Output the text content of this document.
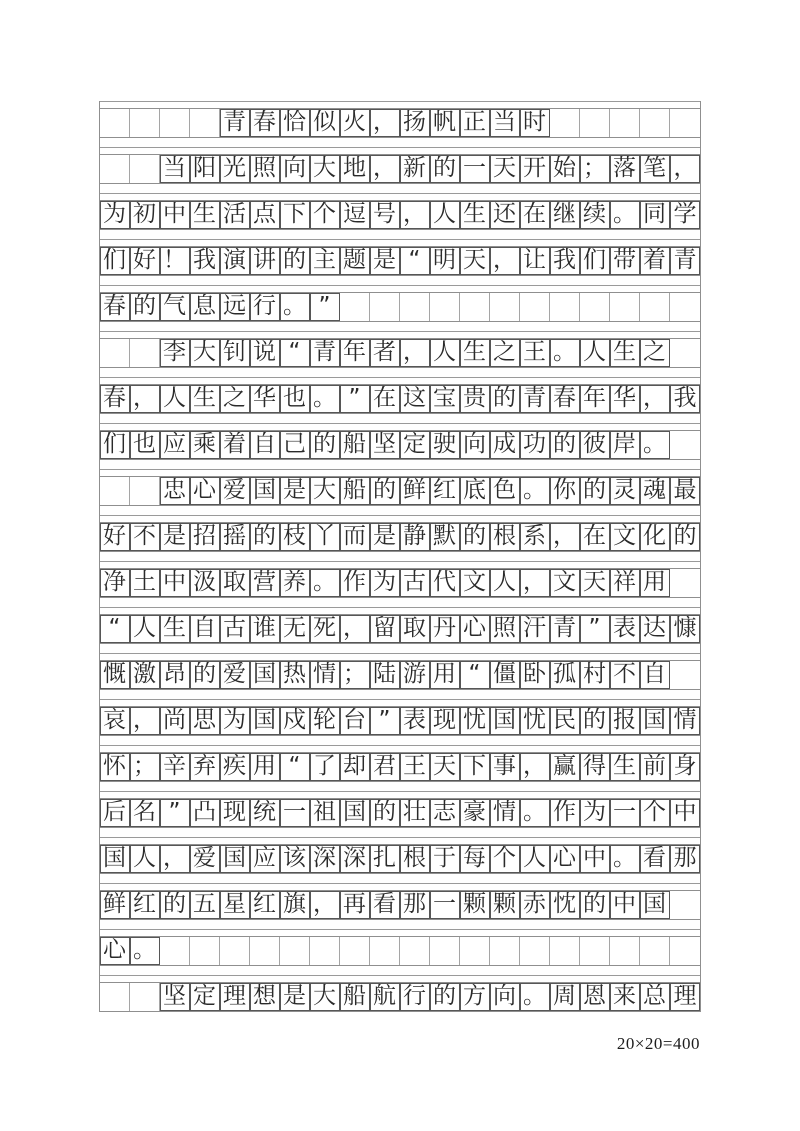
青 春 恰 似 火 ， 扬 帆 正 当 时
当 阳 光 照 向 大 地 ， 新 的 一 天 开 始 ； 落 笔 ，
为 初 中 生 活 点 下 个 逗 号 ， 人 生 还 在 继 续 。 同 学
们 好 ！ 我 演 讲 的 主 题 是 “ 明 天 ， 让 我 们 带 着 青
春 的 气 息 远 行 。 ”
李 大 钊 说 “ 青 年 者 ， 人 生 之 王 。 人 生 之
春 ， 人 生 之 华 也 。 ” 在 这 宝 贵 的 青 春 年 华 ， 我
们 也 应 乘 着 自 己 的 船 坚 定 驶 向 成 功 的 彼 岸 。
忠 心 爱 国 是 大 船 的 鲜 红 底 色 。 你 的 灵 魂 最
好 不 是 招 摇 的 枝 丫 而 是 静 默 的 根 系 ， 在 文 化 的
净 土 中 汲 取 营 养 。 作 为 古 代 文 人 ， 文 天 祥 用
“ 人 生 自 古 谁 无 死 ， 留 取 丹 心 照 汗 青 ” 表 达 慷
慨 激 昂 的 爱 国 热 情 ； 陆 游 用 “ 僵 卧 孤 村 不 自
哀 ， 尚 思 为 国 戍 轮 台 ” 表 现 忧 国 忧 民 的 报 国 情
怀 ； 辛 弃 疾 用 “ 了 却 君 王 天 下 事 ， 赢 得 生 前 身
后 名 ” 凸 现 统 一 祖 国 的 壮 志 豪 情 。 作 为 一 个 中
国 人 ， 爱 国 应 该 深 深 扎 根 于 每 个 人 心 中 。 看 那
鲜 红 的 五 星 红 旗 ， 再 看 那 一 颗 颗 赤 忱 的 中 国
心 。
坚 定 理 想 是 大 船 航 行 的 方 向 。 周 恩 来 总 理
20×20=400
